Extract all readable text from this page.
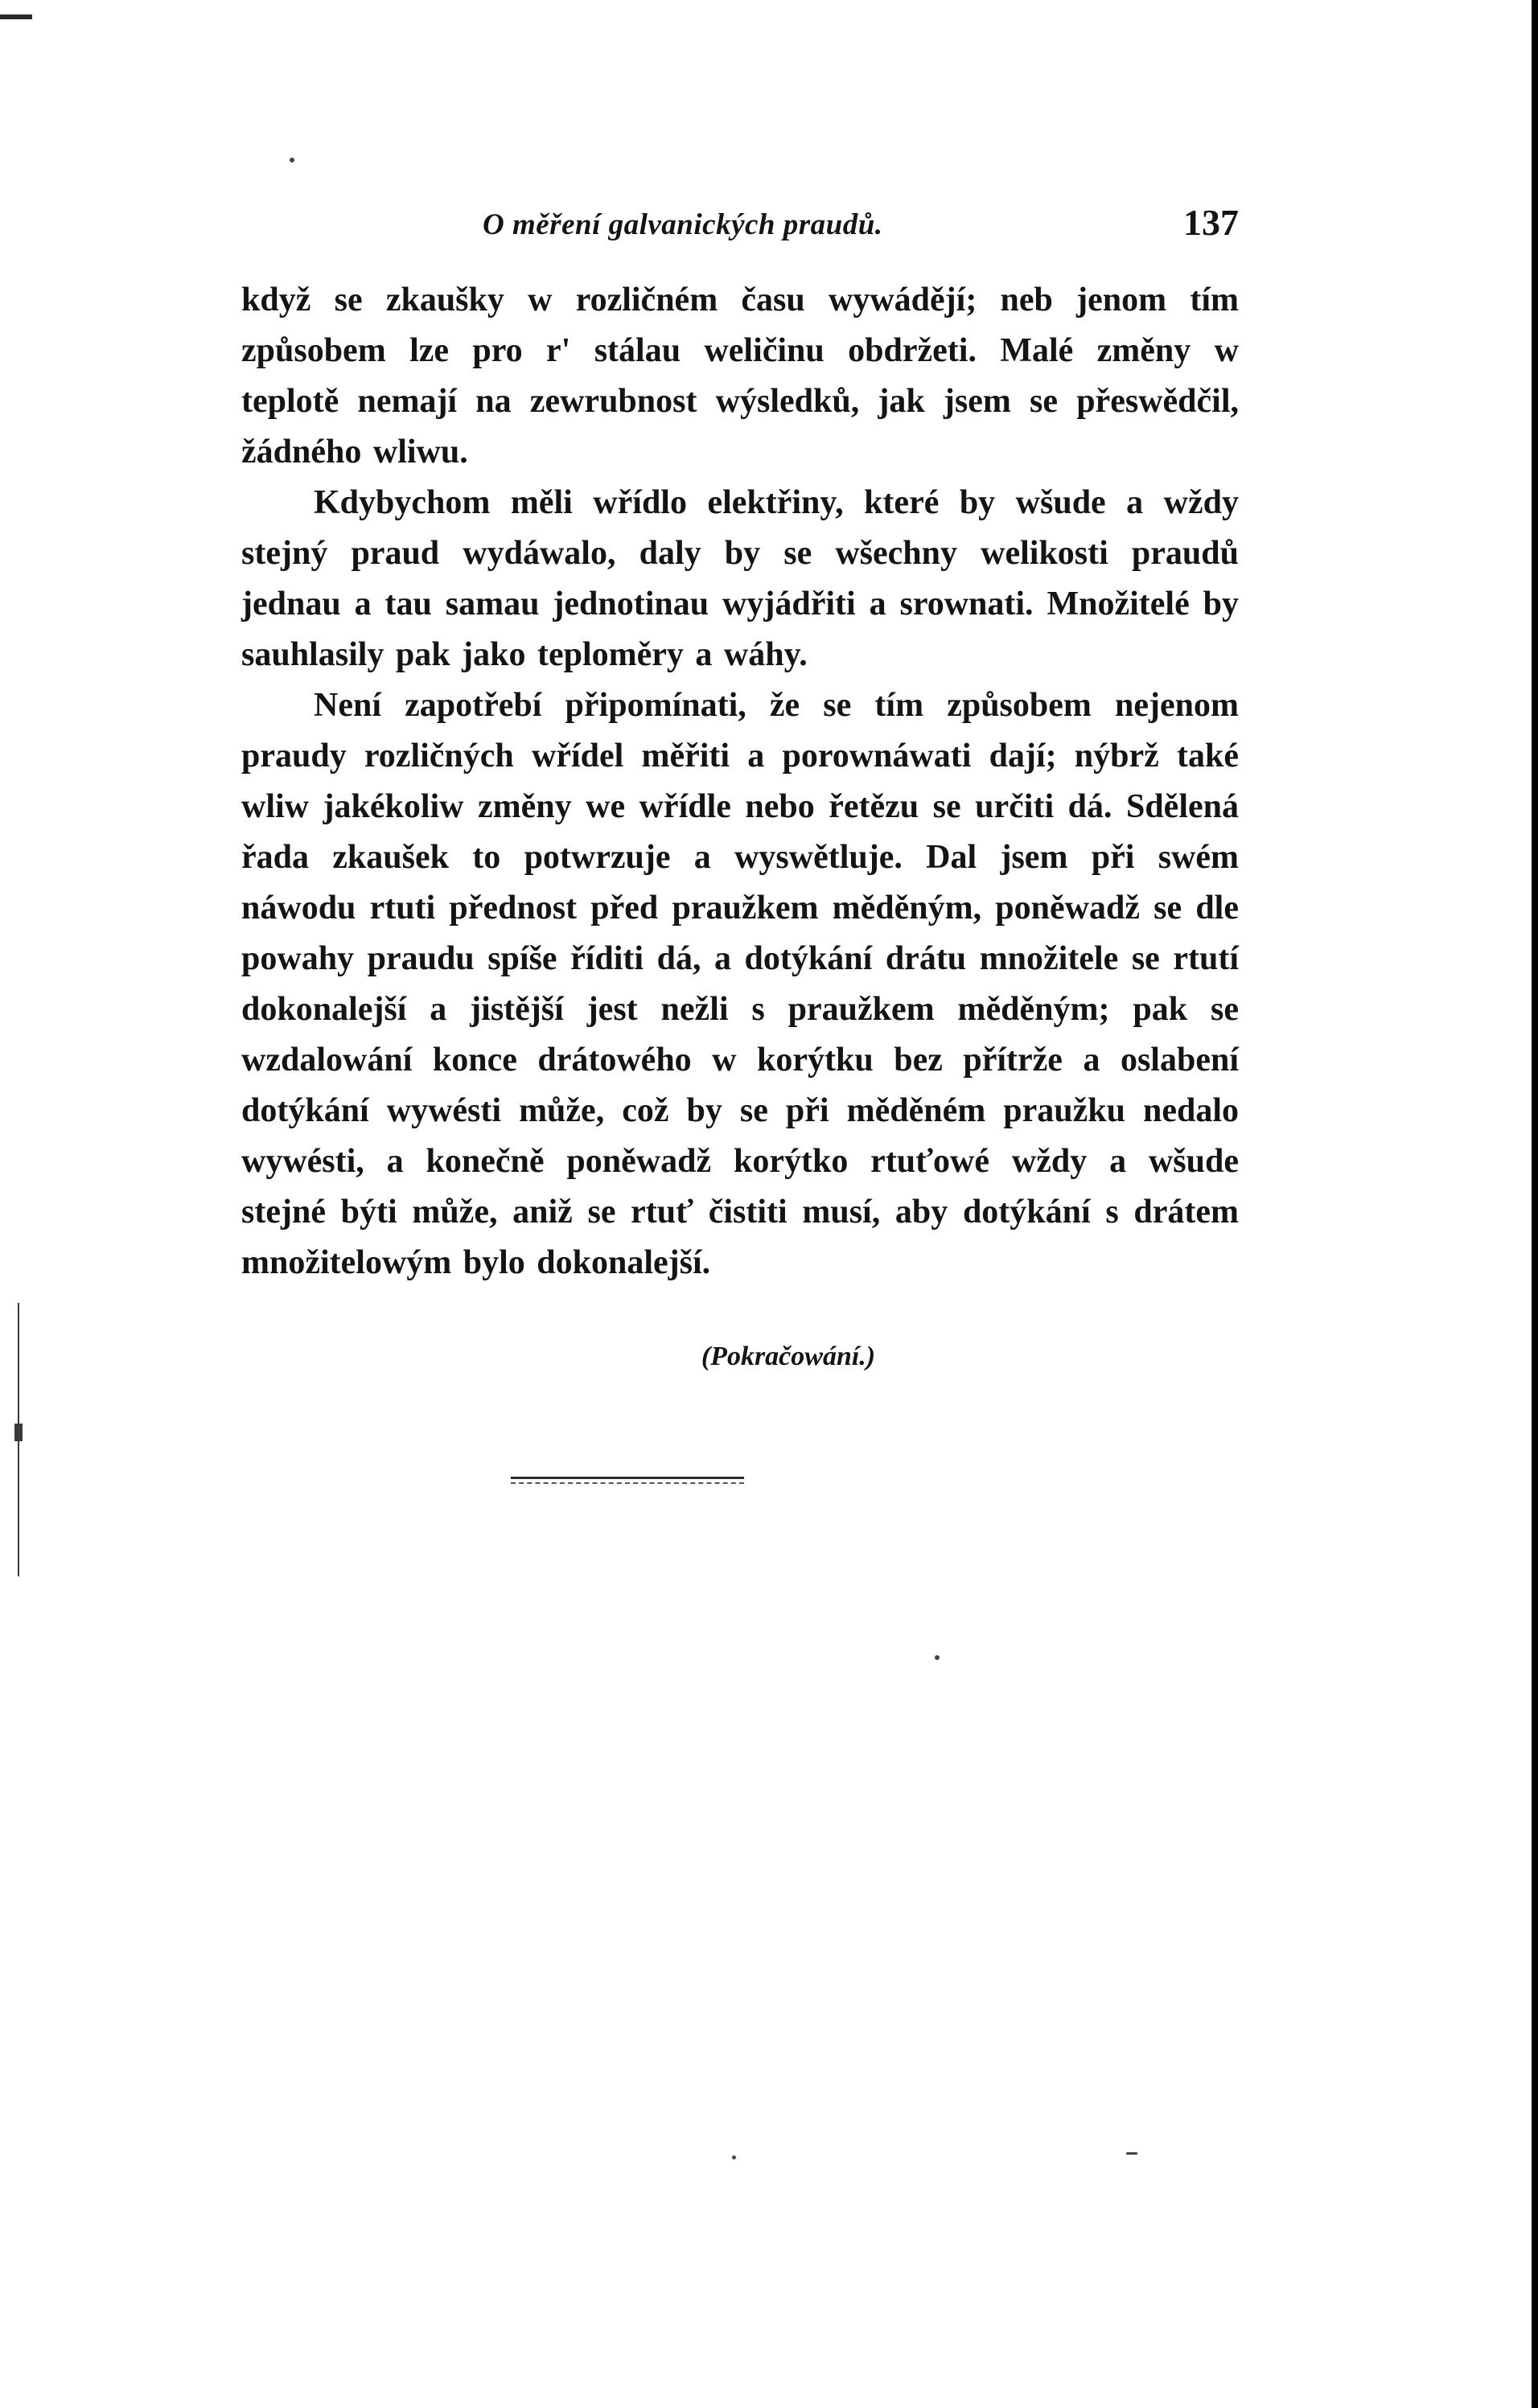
O měření galvanických praudů.	137

když se zkaušky w rozličném času wywádějí; neb jenom tím způsobem lze pro r' stálau weličinu obdržeti. Malé změny w teplotě nemají na zewrubnost wýsledků, jak jsem se přeswědčil, žádného wliwu.

Kdybychom měli wřídlo elektřiny, které by wšude a wždy stejný praud wydáwalo, daly by se wšechny welikosti praudů jednau a tau samau jednotinau wyjádřiti a srownati. Množitelé by sauhlasily pak jako teploměry a wáhy.

Není zapotřebí připomínati, že se tím způsobem nejenom praudy rozličných wřídel měřiti a porownáwati dají; nýbrž také wliw jakékoliw změny we wřídle nebo řetězu se určiti dá. Sdělená řada zkaušek to potwrzuje a wyswětluje. Dal jsem při swém náwodu rtuti přednost před praužkem měděným, poněwadž se dle powahy praudu spíše říditi dá, a dotýkání drátu množitele se rtutí dokonalejší a jistější jest nežli s praužkem měděným; pak se wzdalowání konce drátowého w korýtku bez přítrže a oslabení dotýkání wywésti může, což by se při měděném praužku nedalo wywésti, a konečně poněwadž korýtko rtuťowé wždy a wšude stejné býti může, aniž se rtuť čistiti musí, aby dotýkání s drátem množitelowým bylo dokonalejší.

(Pokračowání.)
